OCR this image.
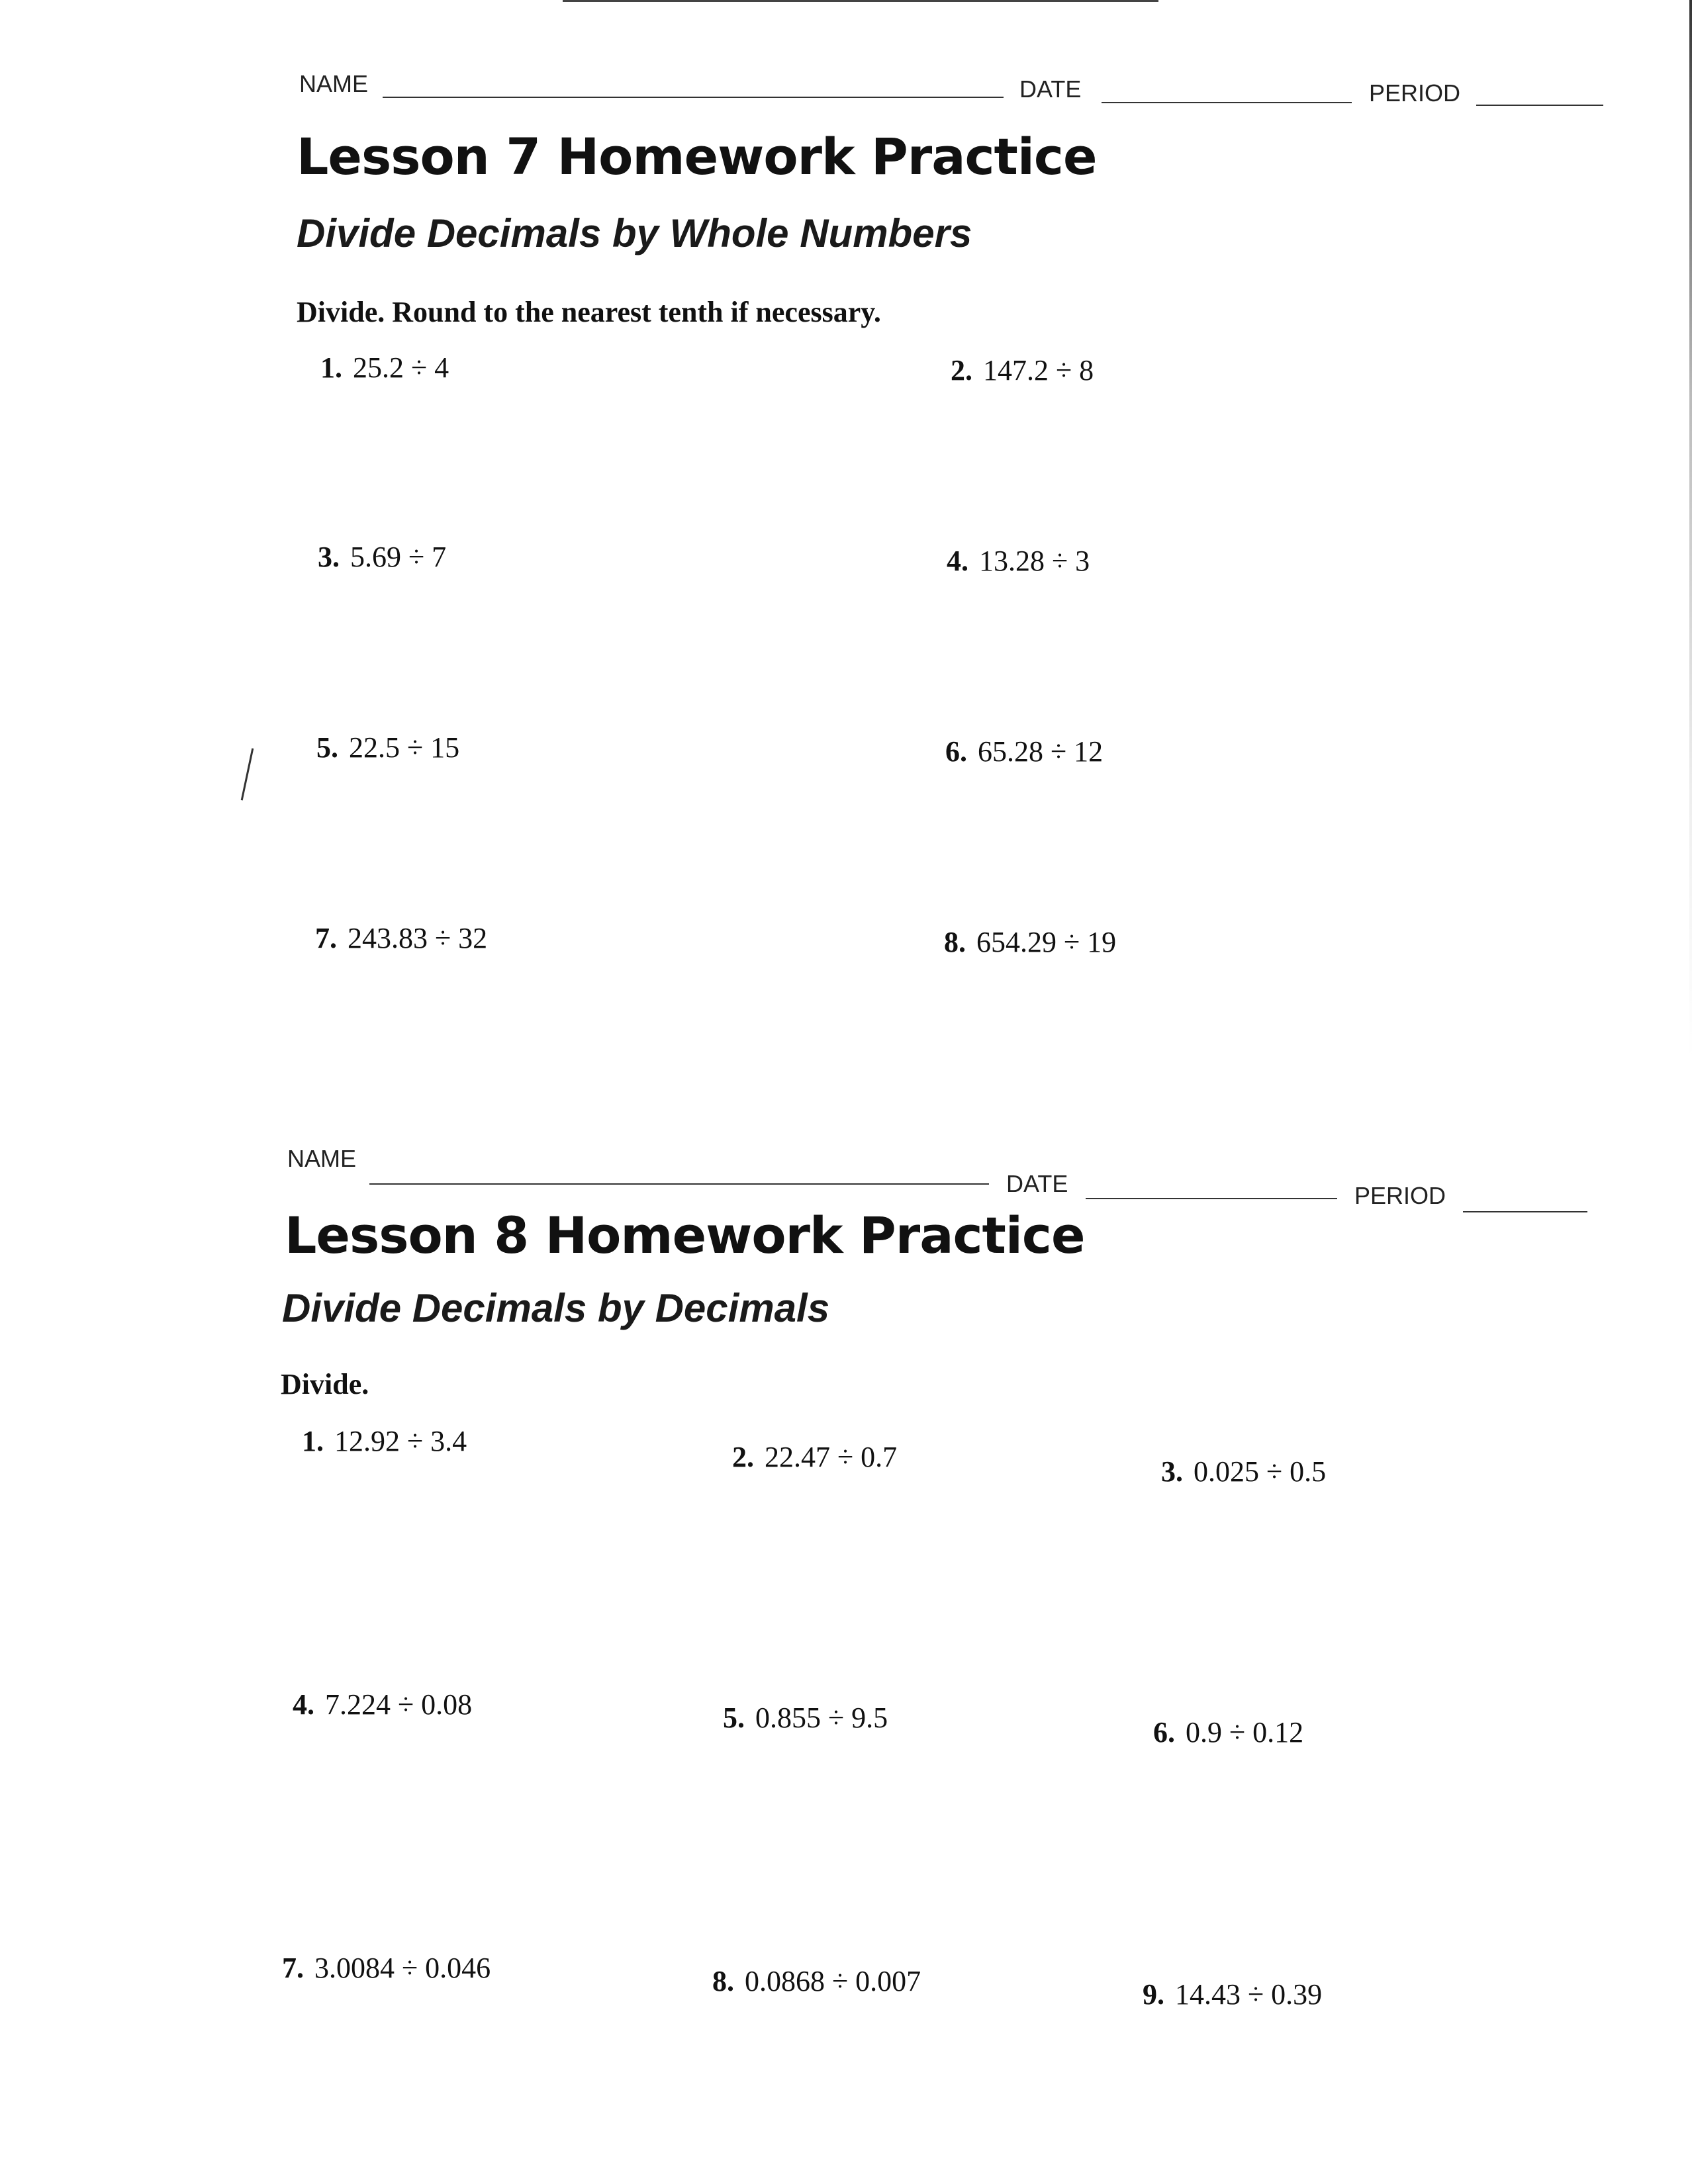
NAME	DATE	PERIOD
Lesson 7 Homework Practice
Divide Decimals by Whole Numbers
Divide. Round to the nearest tenth if necessary.
1. 25.2 ÷ 4	2. 147.2 ÷ 8
3. 5.69 ÷ 7	4. 13.28 ÷ 3
5. 22.5 ÷ 15	6. 65.28 ÷ 12
7. 243.83 ÷ 32	8. 654.29 ÷ 19
NAME
DATE	PERIOD
Lesson 8 Homework Practice
Divide Decimals by Decimals
Divide.
1. 12.92 ÷ 3.4	2. 22.47 ÷ 0.7	3. 0.025 ÷ 0.5
4. 7.224 ÷ 0.08	5. 0.855 ÷ 9.5	6. 0.9 ÷ 0.12
7. 3.0084 ÷ 0.046	8. 0.0868 ÷ 0.007	9. 14.43 ÷ 0.39
